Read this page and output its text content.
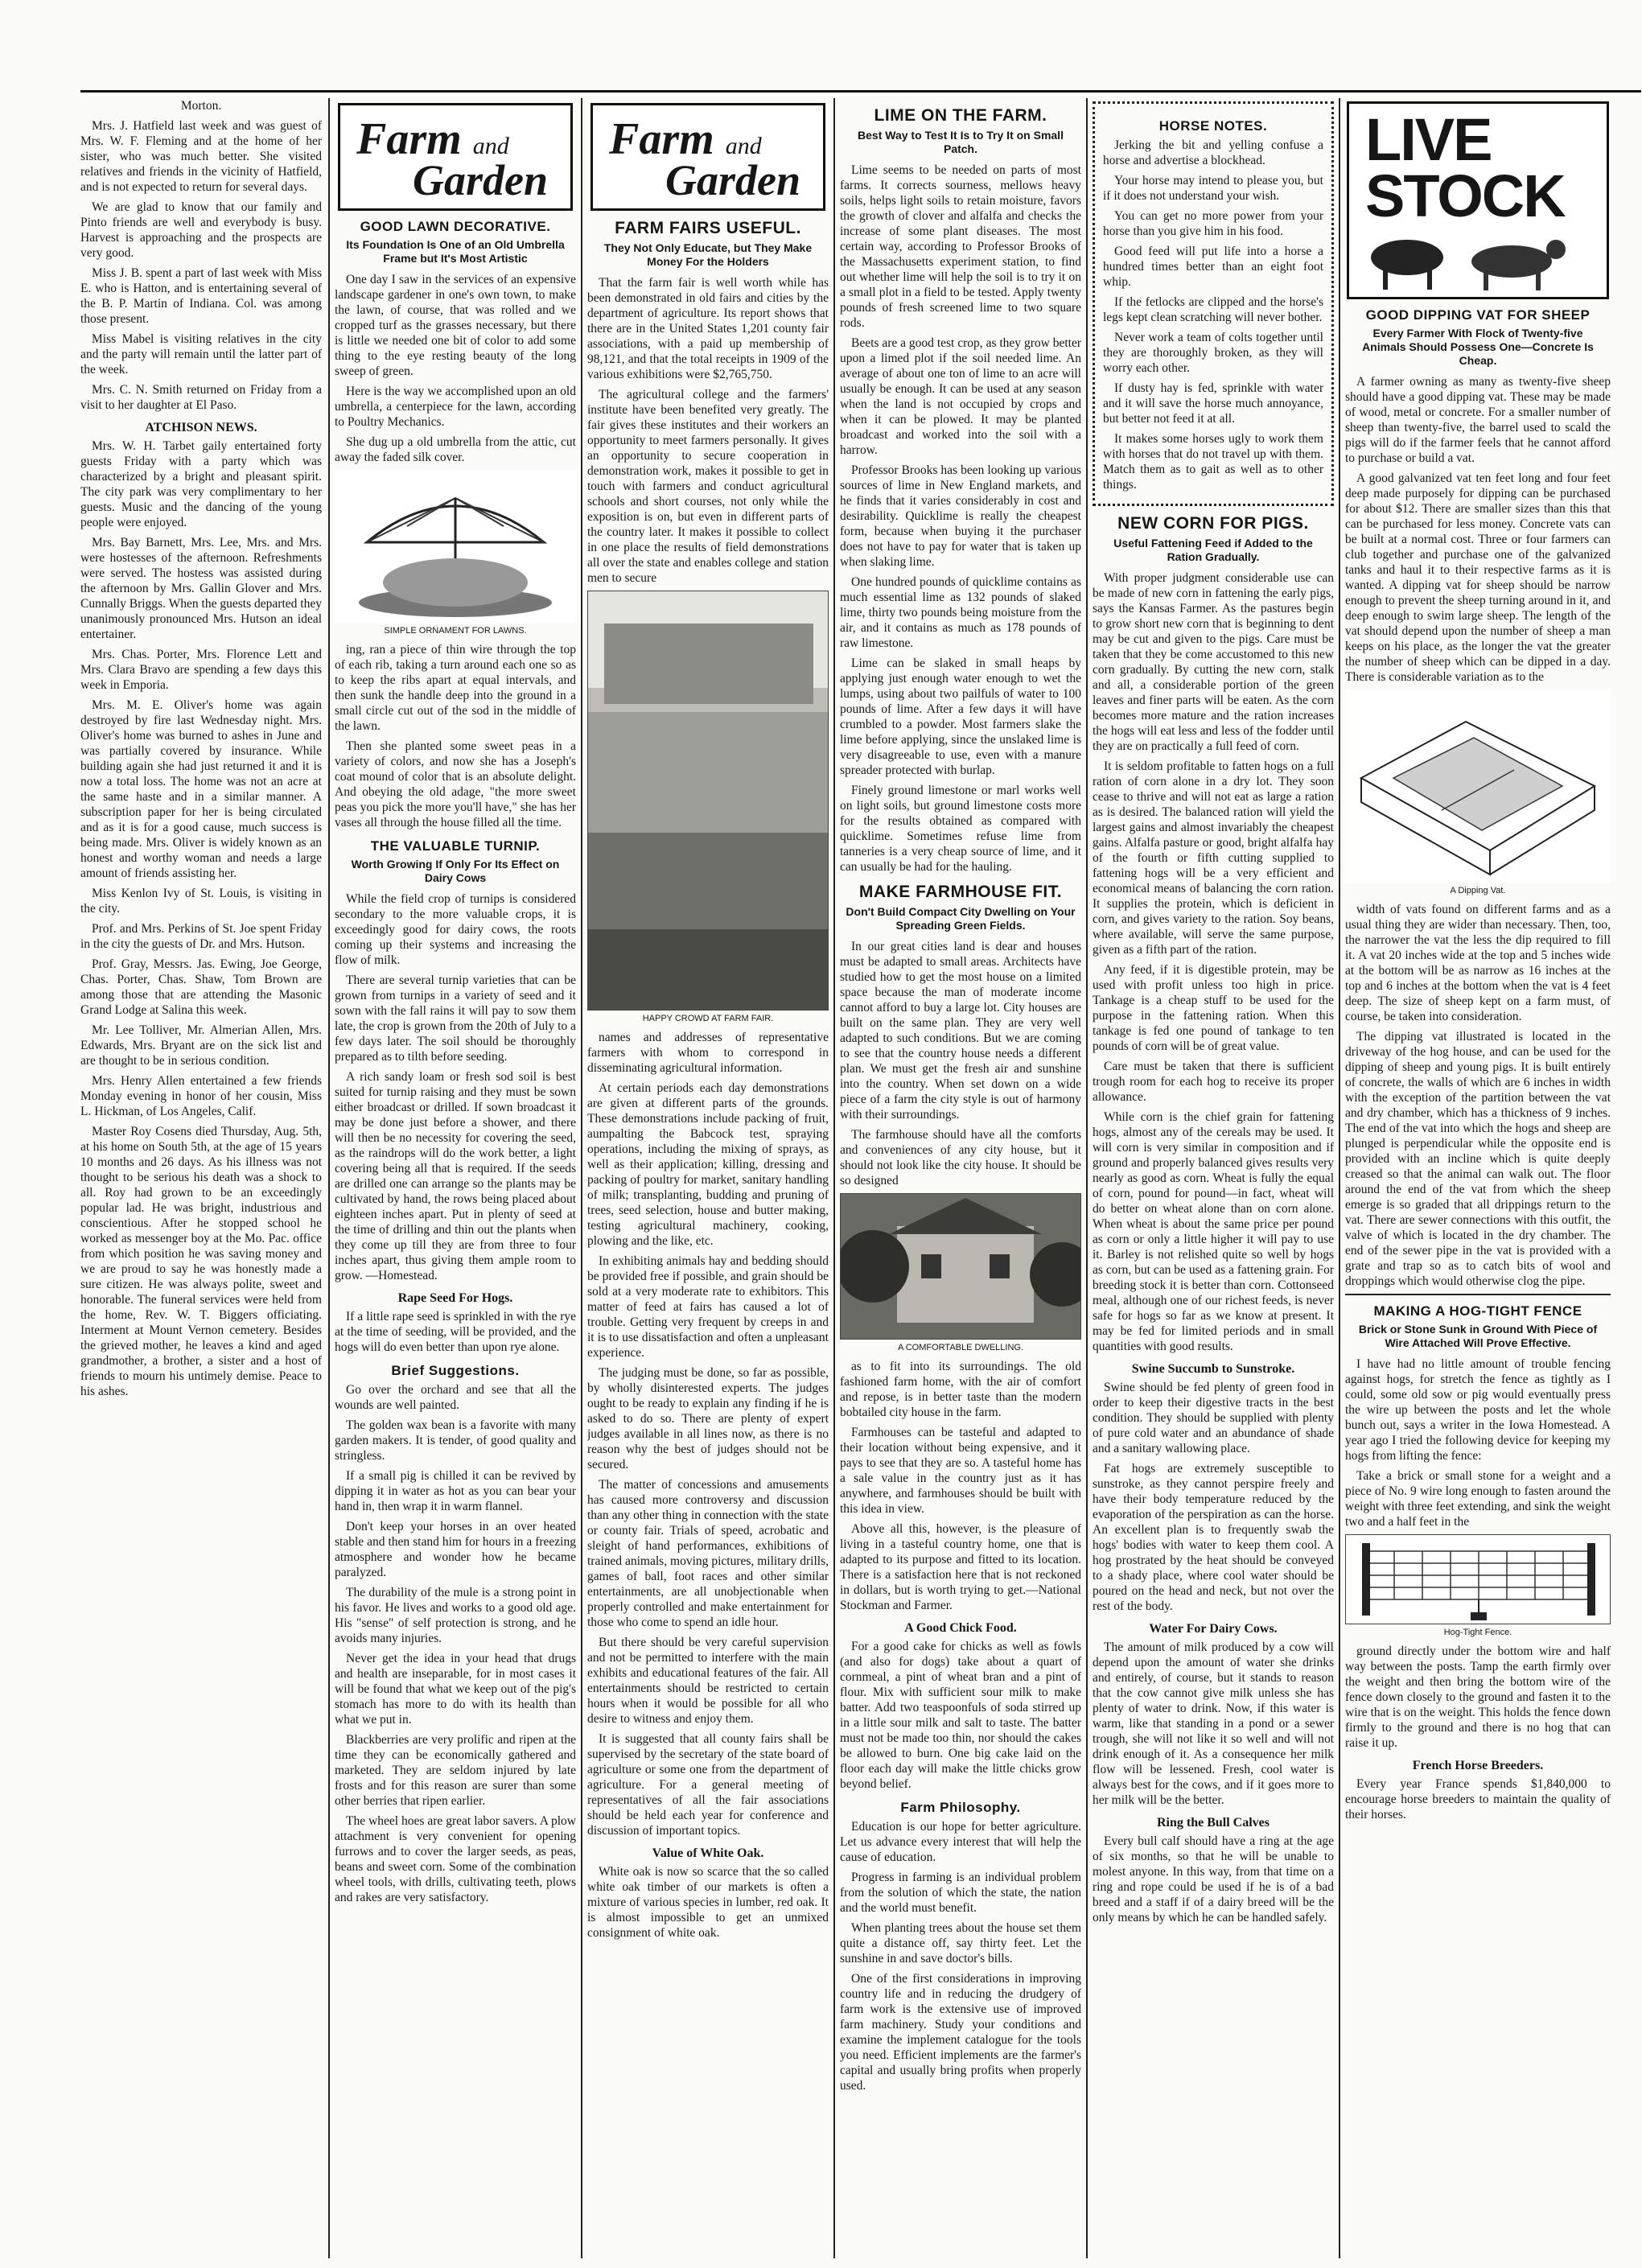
Morton.

Mrs. J. Hatfield last week and was guest of Mrs. W. F. Fleming and at the home of her sister, who was much better. She visited relatives and friends in the vicinity of Hatfield, and is not expected to return for several days.

We are glad to know that our family and Pinto friends are well and everybody is busy. Harvest is approaching and the prospects are very good.

Miss J. B. spent a part of last week with Miss E. who is Hatton, and is entertaining several of the B. P. Martin of Indiana. Col. was among those present.

Miss Mabel is visiting relatives in the city and the party will remain until the latter part of the week.

Mrs. C. N. Smith returned on Friday from a visit to her daughter at El Paso.

ATCHISON NEWS.

Mrs. W. H. Tarbet gaily entertained forty guests Friday with a party which was characterized by a bright and pleasant spirit. The city park was very complimentary to her guests. Music and the dancing of the young people were enjoyed.

Mrs. Bay Barnett, Mrs. Lee, Mrs. and Mrs. were hostesses of the afternoon. Refreshments were served. The hostess was assisted during the afternoon by Mrs. Gallin Glover and Mrs. Cunnally Briggs. When the guests departed they unanimously pronounced Mrs. Hutson an ideal entertainer.

Mrs. Chas. Porter, Mrs. Florence Lett and Mrs. Clara Bravo are spending a few days this week in Emporia.

Mrs. M. E. Oliver's home was again destroyed by fire last Wednesday night. Mrs. Oliver's home was burned to ashes in June and was partially covered by insurance. While building again she had just returned it and it is now a total loss. The home was not an acre at the same haste and in a similar manner. A subscription paper for her is being circulated and as it is for a good cause, much success is being made. Mrs. Oliver is widely known as an honest and worthy woman and needs a large amount of friends assisting her.

Miss Kenlon Ivy of St. Louis, is visiting in the city.

Prof. and Mrs. Perkins of St. Joe spent Friday in the city the guests of Dr. and Mrs. Hutson.

Prof. Gray, Messrs. Jas. Ewing, Joe George, Chas. Porter, Chas. Shaw, Tom Brown are among those that are attending the Masonic Grand Lodge at Salina this week.

Mr. Lee Tolliver, Mr. Almerian Allen, Mrs. Edwards, Mrs. Bryant are on the sick list and are thought to be in serious condition.

Mrs. Henry Allen entertained a few friends Monday evening in honor of her cousin, Miss L. Hickman, of Los Angeles, Calif.

Master Roy Cosens died Thursday, Aug. 5th, at his home on South 5th, at the age of 15 years 10 months and 26 days. As his illness was not thought to be serious his death was a shock to all. Roy had grown to be an exceedingly popular lad. He was bright, industrious and conscientious. After he stopped school he worked as messenger boy at the Mo. Pac. office from which position he was saving money and we are proud to say he was honestly made a sure citizen. He was always polite, sweet and honorable. The funeral services were held from the home, Rev. W. T. Biggers officiating. Interment at Mount Vernon cemetery. Besides the grieved mother, he leaves a kind and aged grandmother, a brother, a sister and a host of friends to mourn his untimely demise. Peace to his ashes.

Farm and
Garden
GOOD LAWN DECORATIVE.
Its Foundation Is One of an Old Umbrella Frame but It's Most Artistic

One day I saw in the services of an expensive landscape gardener in one's own town, to make the lawn, of course, that was rolled and we cropped turf as the grasses necessary, but there is little we needed one bit of color to add some thing to the eye resting beauty of the long sweep of green.

Here is the way we accomplished upon an old umbrella, a centerpiece for the lawn, according to Poultry Mechanics.

She dug up a old umbrella from the attic, cut away the faded silk cover.

SIMPLE ORNAMENT FOR LAWNS.

ing, ran a piece of thin wire through the top of each rib, taking a turn around each one so as to keep the ribs apart at equal intervals, and then sunk the handle deep into the ground in a small circle cut out of the sod in the middle of the lawn.

Then she planted some sweet peas in a variety of colors, and now she has a Joseph's coat mound of color that is an absolute delight. And obeying the old adage, "the more sweet peas you pick the more you'll have," she has her vases all through the house filled all the time.

THE VALUABLE TURNIP.
Worth Growing If Only For Its Effect on Dairy Cows

While the field crop of turnips is considered secondary to the more valuable crops, it is exceedingly good for dairy cows, the roots coming up their systems and increasing the flow of milk.

There are several turnip varieties that can be grown from turnips in a variety of seed and it sown with the fall rains it will pay to sow them late, the crop is grown from the 20th of July to a few days later. The soil should be thoroughly prepared as to tilth before seeding.

A rich sandy loam or fresh sod soil is best suited for turnip raising and they must be sown either broadcast or drilled. If sown broadcast it may be done just before a shower, and there will then be no necessity for covering the seed, as the raindrops will do the work better, a light covering being all that is required. If the seeds are drilled one can arrange so the plants may be cultivated by hand, the rows being placed about eighteen inches apart. Put in plenty of seed at the time of drilling and thin out the plants when they come up till they are from three to four inches apart, thus giving them ample room to grow. —Homestead.

Rape Seed For Hogs.

If a little rape seed is sprinkled in with the rye at the time of seeding, will be provided, and the hogs will do even better than upon rye alone.

Brief Suggestions.

Go over the orchard and see that all the wounds are well painted.

The golden wax bean is a favorite with many garden makers. It is tender, of good quality and stringless.

If a small pig is chilled it can be revived by dipping it in water as hot as you can bear your hand in, then wrap it in warm flannel.

Don't keep your horses in an over heated stable and then stand him for hours in a freezing atmosphere and wonder how he became paralyzed.

The durability of the mule is a strong point in his favor. He lives and works to a good old age. His "sense" of self protection is strong, and he avoids many injuries.

Never get the idea in your head that drugs and health are inseparable, for in most cases it will be found that what we keep out of the pig's stomach has more to do with its health than what we put in.

Blackberries are very prolific and ripen at the time they can be economically gathered and marketed. They are seldom injured by late frosts and for this reason are surer than some other berries that ripen earlier.

The wheel hoes are great labor savers. A plow attachment is very convenient for opening furrows and to cover the larger seeds, as peas, beans and sweet corn. Some of the combination wheel tools, with drills, cultivating teeth, plows and rakes are very satisfactory.

Farm and
Garden
FARM FAIRS USEFUL.
They Not Only Educate, but They Make Money For the Holders

That the farm fair is well worth while has been demonstrated in old fairs and cities by the department of agriculture. Its report shows that there are in the United States 1,201 county fair associations, with a paid up membership of 98,121, and that the total receipts in 1909 of the various exhibitions were $2,765,750.

The agricultural college and the farmers' institute have been benefited very greatly. The fair gives these institutes and their workers an opportunity to meet farmers personally. It gives an opportunity to secure cooperation in demonstration work, makes it possible to get in touch with farmers and conduct agricultural schools and short courses, not only while the exposition is on, but even in different parts of the country later. It makes it possible to collect in one place the results of field demonstrations all over the state and enables college and station men to secure

HAPPY CROWD AT FARM FAIR.

names and addresses of representative farmers with whom to correspond in disseminating agricultural information.

At certain periods each day demonstrations are given at different parts of the grounds. These demonstrations include packing of fruit, aumpalting the Babcock test, spraying operations, including the mixing of sprays, as well as their application; killing, dressing and packing of poultry for market, sanitary handling of milk; transplanting, budding and pruning of trees, seed selection, house and butter making, testing agricultural machinery, cooking, plowing and the like, etc.

In exhibiting animals hay and bedding should be provided free if possible, and grain should be sold at a very moderate rate to exhibitors. This matter of feed at fairs has caused a lot of trouble. Getting very frequent by creeps in and it is to use dissatisfaction and often a unpleasant experience.

The judging must be done, so far as possible, by wholly disinterested experts. The judges ought to be ready to explain any finding if he is asked to do so. There are plenty of expert judges available in all lines now, as there is no reason why the best of judges should not be secured.

The matter of concessions and amusements has caused more controversy and discussion than any other thing in connection with the state or county fair. Trials of speed, acrobatic and sleight of hand performances, exhibitions of trained animals, moving pictures, military drills, games of ball, foot races and other similar entertainments, are all unobjectionable when properly controlled and make entertainment for those who come to spend an idle hour.

But there should be very careful supervision and not be permitted to interfere with the main exhibits and educational features of the fair. All entertainments should be restricted to certain hours when it would be possible for all who desire to witness and enjoy them.

It is suggested that all county fairs shall be supervised by the secretary of the state board of agriculture or some one from the department of agriculture. For a general meeting of representatives of all the fair associations should be held each year for conference and discussion of important topics.

Value of White Oak.

White oak is now so scarce that the so called white oak timber of our markets is often a mixture of various species in lumber, red oak. It is almost impossible to get an unmixed consignment of white oak.

LIME ON THE FARM.
Best Way to Test It Is to Try It on Small Patch.

Lime seems to be needed on parts of most farms. It corrects sourness, mellows heavy soils, helps light soils to retain moisture, favors the growth of clover and alfalfa and checks the increase of some plant diseases. The most certain way, according to Professor Brooks of the Massachusetts experiment station, to find out whether lime will help the soil is to try it on a small plot in a field to be tested. Apply twenty pounds of fresh screened lime to two square rods.

Beets are a good test crop, as they grow better upon a limed plot if the soil needed lime. An average of about one ton of lime to an acre will usually be enough. It can be used at any season when the land is not occupied by crops and when it can be plowed. It may be planted broadcast and worked into the soil with a harrow.

Professor Brooks has been looking up various sources of lime in New England markets, and he finds that it varies considerably in cost and desirability. Quicklime is really the cheapest form, because when buying it the purchaser does not have to pay for water that is taken up when slaking lime.

One hundred pounds of quicklime contains as much essential lime as 132 pounds of slaked lime, thirty two pounds being moisture from the air, and it contains as much as 178 pounds of raw limestone.

Lime can be slaked in small heaps by applying just enough water enough to wet the lumps, using about two pailfuls of water to 100 pounds of lime. After a few days it will have crumbled to a powder. Most farmers slake the lime before applying, since the unslaked lime is very disagreeable to use, even with a manure spreader protected with burlap.

Finely ground limestone or marl works well on light soils, but ground limestone costs more for the results obtained as compared with quicklime. Sometimes refuse lime from tanneries is a very cheap source of lime, and it can usually be had for the hauling.

MAKE FARMHOUSE FIT.
Don't Build Compact City Dwelling on Your Spreading Green Fields.

In our great cities land is dear and houses must be adapted to small areas. Architects have studied how to get the most house on a limited space because the man of moderate income cannot afford to buy a large lot. City houses are built on the same plan. They are very well adapted to such conditions. But we are coming to see that the country house needs a different plan. We must get the fresh air and sunshine into the country. When set down on a wide piece of a farm the city style is out of harmony with their surroundings.

The farmhouse should have all the comforts and conveniences of any city house, but it should not look like the city house. It should be so designed

A COMFORTABLE DWELLING.

as to fit into its surroundings. The old fashioned farm home, with the air of comfort and repose, is in better taste than the modern bobtailed city house in the farm.

Farmhouses can be tasteful and adapted to their location without being expensive, and it pays to see that they are so. A tasteful home has a sale value in the country just as it has anywhere, and farmhouses should be built with this idea in view.

Above all this, however, is the pleasure of living in a tasteful country home, one that is adapted to its purpose and fitted to its location. There is a satisfaction here that is not reckoned in dollars, but is worth trying to get.—National Stockman and Farmer.

A Good Chick Food.

For a good cake for chicks as well as fowls (and also for dogs) take about a quart of cornmeal, a pint of wheat bran and a pint of flour. Mix with sufficient sour milk to make batter. Add two teaspoonfuls of soda stirred up in a little sour milk and salt to taste. The batter must not be made too thin, nor should the cakes be allowed to burn. One big cake laid on the floor each day will make the little chicks grow beyond belief.

Farm Philosophy.

Education is our hope for better agriculture. Let us advance every interest that will help the cause of education.

Progress in farming is an individual problem from the solution of which the state, the nation and the world must benefit.

When planting trees about the house set them quite a distance off, say thirty feet. Let the sunshine in and save doctor's bills.

One of the first considerations in improving country life and in reducing the drudgery of farm work is the extensive use of improved farm machinery. Study your conditions and examine the implement catalogue for the tools you need. Efficient implements are the farmer's capital and usually bring profits when properly used.

HORSE NOTES.

Jerking the bit and yelling confuse a horse and advertise a blockhead.

Your horse may intend to please you, but if it does not understand your wish.

You can get no more power from your horse than you give him in his food.

Good feed will put life into a horse a hundred times better than an eight foot whip.

If the fetlocks are clipped and the horse's legs kept clean scratching will never bother.

Never work a team of colts together until they are thoroughly broken, as they will worry each other.

If dusty hay is fed, sprinkle with water and it will save the horse much annoyance, but better not feed it at all.

It makes some horses ugly to work them with horses that do not travel up with them. Match them as to gait as well as to other things.

NEW CORN FOR PIGS.
Useful Fattening Feed if Added to the Ration Gradually.

With proper judgment considerable use can be made of new corn in fattening the early pigs, says the Kansas Farmer. As the pastures begin to grow short new corn that is beginning to dent may be cut and given to the pigs. Care must be taken that they be come accustomed to this new corn gradually. By cutting the new corn, stalk and all, a considerable portion of the green leaves and finer parts will be eaten. As the corn becomes more mature and the ration increases the hogs will eat less and less of the fodder until they are on practically a full feed of corn.

It is seldom profitable to fatten hogs on a full ration of corn alone in a dry lot. They soon cease to thrive and will not eat as large a ration as is desired. The balanced ration will yield the largest gains and almost invariably the cheapest gains. Alfalfa pasture or good, bright alfalfa hay of the fourth or fifth cutting supplied to fattening hogs will be a very efficient and economical means of balancing the corn ration. It supplies the protein, which is deficient in corn, and gives variety to the ration. Soy beans, where available, will serve the same purpose, given as a fifth part of the ration.

Any feed, if it is digestible protein, may be used with profit unless too high in price. Tankage is a cheap stuff to be used for the purpose in the fattening ration. When this tankage is fed one pound of tankage to ten pounds of corn will be of great value.

Care must be taken that there is sufficient trough room for each hog to receive its proper allowance.

While corn is the chief grain for fattening hogs, almost any of the cereals may be used. It will corn is very similar in composition and if ground and properly balanced gives results very nearly as good as corn. Wheat is fully the equal of corn, pound for pound—in fact, wheat will do better on wheat alone than on corn alone. When wheat is about the same price per pound as corn or only a little higher it will pay to use it. Barley is not relished quite so well by hogs as corn, but can be used as a fattening grain. For breeding stock it is better than corn. Cottonseed meal, although one of our richest feeds, is never safe for hogs so far as we know at present. It may be fed for limited periods and in small quantities with good results.

Swine Succumb to Sunstroke.

Swine should be fed plenty of green food in order to keep their digestive tracts in the best condition. They should be supplied with plenty of pure cold water and an abundance of shade and a sanitary wallowing place.

Fat hogs are extremely susceptible to sunstroke, as they cannot perspire freely and have their body temperature reduced by the evaporation of the perspiration as can the horse. An excellent plan is to frequently swab the hogs' bodies with water to keep them cool. A hog prostrated by the heat should be conveyed to a shady place, where cool water should be poured on the head and neck, but not over the rest of the body.

Water For Dairy Cows.

The amount of milk produced by a cow will depend upon the amount of water she drinks and entirely, of course, but it stands to reason that the cow cannot give milk unless she has plenty of water to drink. Now, if this water is warm, like that standing in a pond or a sewer trough, she will not like it so well and will not drink enough of it. As a consequence her milk flow will be lessened. Fresh, cool water is always best for the cows, and if it goes more to her milk will be the better.

Ring the Bull Calves

Every bull calf should have a ring at the age of six months, so that he will be unable to molest anyone. In this way, from that time on a ring and rope could be used if he is of a bad breed and a staff if of a dairy breed will be the only means by which he can be handled safely.

LIVE
STOCK
GOOD DIPPING VAT FOR SHEEP
Every Farmer With Flock of Twenty-five Animals Should Possess One—Concrete Is Cheap.

A farmer owning as many as twenty-five sheep should have a good dipping vat. These may be made of wood, metal or concrete. For a smaller number of sheep than twenty-five, the barrel used to scald the pigs will do if the farmer feels that he cannot afford to purchase or build a vat.

A good galvanized vat ten feet long and four feet deep made purposely for dipping can be purchased for about $12. There are smaller sizes than this that can be purchased for less money. Concrete vats can be built at a normal cost. Three or four farmers can club together and purchase one of the galvanized tanks and haul it to their respective farms as it is wanted. A dipping vat for sheep should be narrow enough to prevent the sheep turning around in it, and deep enough to swim large sheep. The length of the vat should depend upon the number of sheep a man keeps on his place, as the longer the vat the greater the number of sheep which can be dipped in a day. There is considerable variation as to the

A Dipping Vat.

width of vats found on different farms and as a usual thing they are wider than necessary. Then, too, the narrower the vat the less the dip required to fill it. A vat 20 inches wide at the top and 5 inches wide at the bottom will be as narrow as 16 inches at the top and 6 inches at the bottom when the vat is 4 feet deep. The size of sheep kept on a farm must, of course, be taken into consideration.

The dipping vat illustrated is located in the driveway of the hog house, and can be used for the dipping of sheep and young pigs. It is built entirely of concrete, the walls of which are 6 inches in width with the exception of the partition between the vat and dry chamber, which has a thickness of 9 inches. The end of the vat into which the hogs and sheep are plunged is perpendicular while the opposite end is provided with an incline which is quite deeply creased so that the animal can walk out. The floor around the end of the vat from which the sheep emerge is so graded that all drippings return to the vat. There are sewer connections with this outfit, the valve of which is located in the dry chamber. The end of the sewer pipe in the vat is provided with a grate and trap so as to catch bits of wool and droppings which would otherwise clog the pipe.

MAKING A HOG-TIGHT FENCE
Brick or Stone Sunk in Ground With Piece of Wire Attached Will Prove Effective.

I have had no little amount of trouble fencing against hogs, for stretch the fence as tightly as I could, some old sow or pig would eventually press the wire up between the posts and let the whole bunch out, says a writer in the Iowa Homestead. A year ago I tried the following device for keeping my hogs from lifting the fence:

Take a brick or small stone for a weight and a piece of No. 9 wire long enough to fasten around the weight with three feet extending, and sink the weight two and a half feet in the

Hog-Tight Fence.

ground directly under the bottom wire and half way between the posts. Tamp the earth firmly over the weight and then bring the bottom wire of the fence down closely to the ground and fasten it to the wire that is on the weight. This holds the fence down firmly to the ground and there is no hog that can raise it up.

French Horse Breeders.

Every year France spends $1,840,000 to encourage horse breeders to maintain the quality of their horses.
